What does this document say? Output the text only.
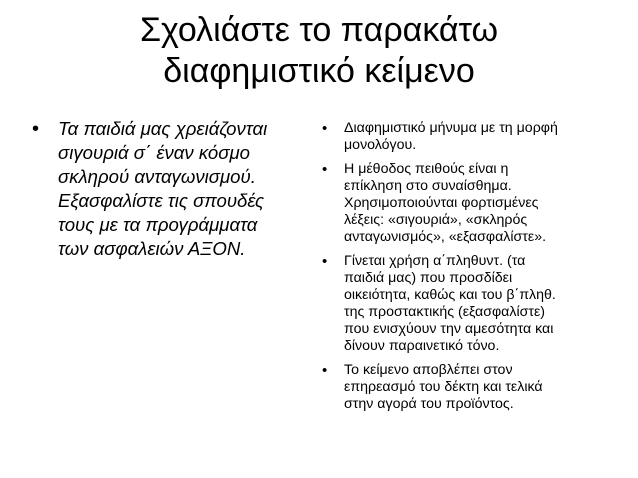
Σχολιάστε το παρακάτω
διαφημιστικό κείμενο
•	Τα παιδιά μας χρειάζονται
σιγουριά σ΄ έναν κόσμο
σκληρού ανταγωνισμού.
Εξασφαλίστε τις σπουδές
τους με τα προγράμματα
των ασφαλειών ΑΞΟΝ.
•	Διαφημιστικό μήνυμα με τη μορφή
μονολόγου.
•	Η μέθοδος πειθούς είναι η
επίκληση στο συναίσθημα.
Χρησιμοποιούνται φορτισμένες
λέξεις: «σιγουριά», «σκληρός
ανταγωνισμός», «εξασφαλίστε».
•	Γίνεται χρήση α΄πληθυντ. (τα
παιδιά μας) που προσδίδει
οικειότητα, καθώς και του β΄πληθ.
της προστακτικής (εξασφαλίστε)
που ενισχύουν την αμεσότητα και
δίνουν παραινετικό τόνο.
•	Το κείμενο αποβλέπει στον
επηρεασμό του δέκτη και τελικά
στην αγορά του προϊόντος.
